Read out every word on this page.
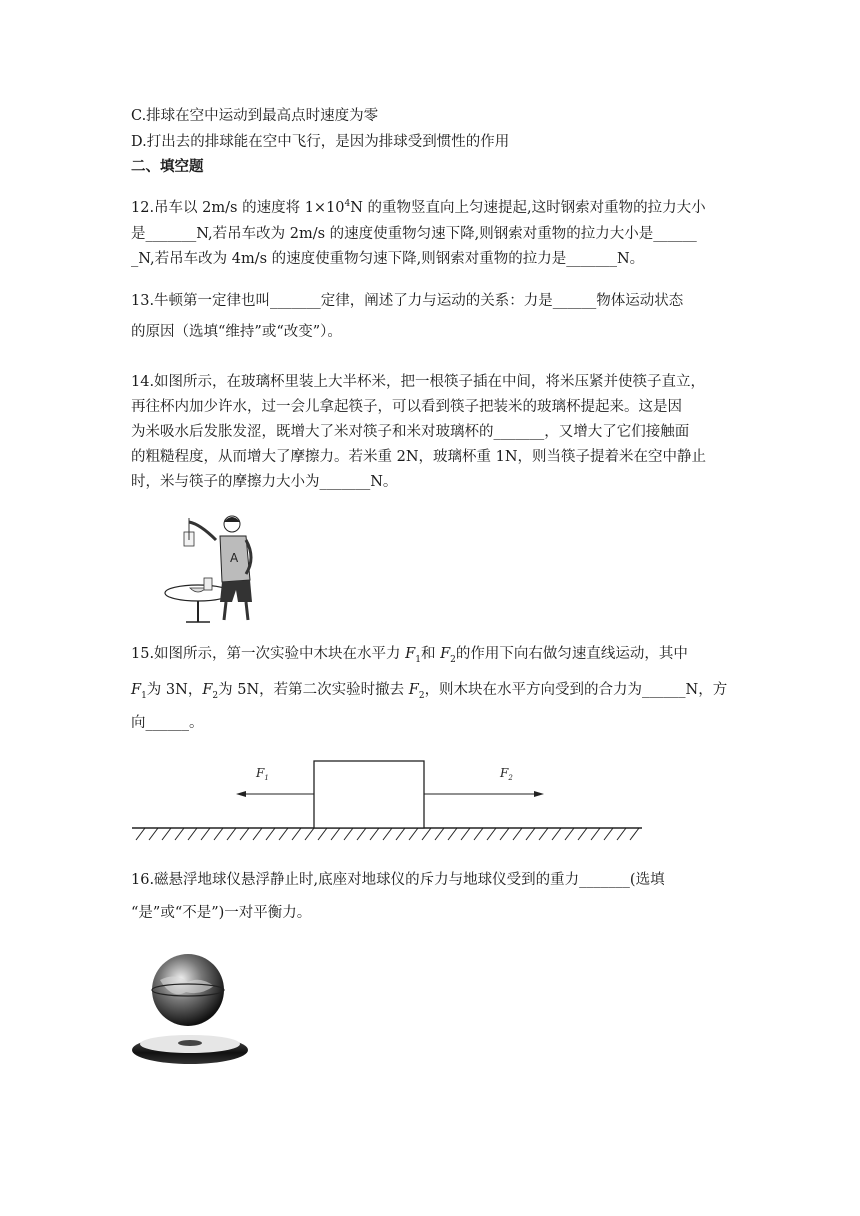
C.排球在空中运动到最高点时速度为零
D.打出去的排球能在空中飞行，是因为排球受到惯性的作用
二、填空题
12.吊车以 2m/s 的速度将 $1\times 10^4N$ 的重物竖直向上匀速提起,这时钢索对重物的拉力大小
是_______N,若吊车改为 2m/s 的速度使重物匀速下降,则钢索对重物的拉力大小是______
_N,若吊车改为 4m/s 的速度使重物匀速下降,则钢索对重物的拉力是_______N。
13.牛顿第一定律也叫_______定律，阐述了力与运动的关系：力是______物体运动状态
的原因（选填“维持”或“改变”）。
14.如图所示，在玻璃杯里装上大半杯米，把一根筷子插在中间，将米压紧并使筷子直立，
再往杯内加少许水，过一会儿拿起筷子，可以看到筷子把装米的玻璃杯提起来。这是因
为米吸水后发胀发涩，既增大了米对筷子和米对玻璃杯的_______，又增大了它们接触面
的粗糙程度，从而增大了摩擦力。若米重 2N，玻璃杯重 1N，则当筷子提着米在空中静止
时，米与筷子的摩擦力大小为_______N。
A
15.如图所示，第一次实验中木块在水平力 $F_1$和 $F_2$的作用下向右做匀速直线运动，其中
$F_1$为 3N，$F_2$为 5N，若第二次实验时撤去 $F_2$，则木块在水平方向受到的合力为______N，方
向______。
$F_1$	$F_2$
16.磁悬浮地球仪悬浮静止时,底座对地球仪的斥力与地球仪受到的重力_______(选填
“是”或“不是”)一对平衡力。
